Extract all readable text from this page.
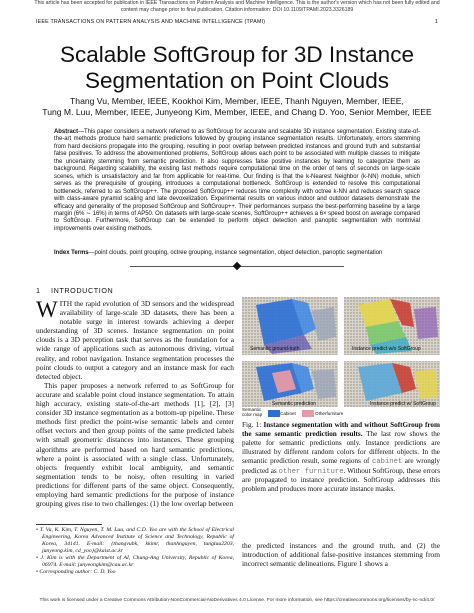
This article has been accepted for publication in IEEE Transactions on Pattern Analysis and Machine Intelligence. This is the author's version which has not been fully edited and
content may change prior to final publication. Citation information: DOI 10.1109/TPAMI.2023.3326189
IEEE TRANSACTIONS ON PATTERN ANALYSIS AND MACHINE INTELLIGENCE (TPAMI)	1
Scalable SoftGroup for 3D Instance
Segmentation on Point Clouds
Thang Vu, Member, IEEE, Kookhoi Kim, Member, IEEE, Thanh Nguyen, Member, IEEE,
Tung M. Luu, Member, IEEE, Junyeong Kim, Member, IEEE, and Chang D. Yoo, Senior Member, IEEE
Abstract—This paper considers a network referred to as SoftGroup for accurate and scalable 3D instance segmentation. Existing state-of-the-art methods produce hard semantic predictions followed by grouping instance segmentation results. Unfortunately, errors stemming from hard decisions propagate into the grouping, resulting in poor overlap between predicted instances and ground truth and substantial false positives. To address the abovementioned problems, SoftGroup allows each point to be associated with multiple classes to mitigate the uncertainty stemming from semantic prediction. It also suppresses false positive instances by learning to categorize them as background. Regarding scalability, the existing fast methods require computational time on the order of tens of seconds on large-scale scenes, which is unsatisfactory and far from applicable for real-time. Our finding is that the k-Nearest Neighbor (k-NN) module, which serves as the prerequisite of grouping, introduces a computational bottleneck. SoftGroup is extended to resolve this computational bottleneck, referred to as SoftGroup++. The proposed SoftGroup++ reduces time complexity with octree k-NN and reduces search space with class-aware pyramid scaling and late devoxelization. Experimental results on various indoor and outdoor datasets demonstrate the efficacy and generality of the proposed SoftGroup and SoftGroup++. Their performances surpass the best-performing baseline by a large margin (6% ∼ 16%) in terms of AP50. On datasets with large-scale scenes, SoftGroup++ achieves a 6× speed boost on average compared to SoftGroup. Furthermore, SoftGroup can be extended to perform object detection and panoptic segmentation with nontrivial improvements over existing methods.
Index Terms—point clouds, point grouping, octree grouping, instance segmentation, object detection, panoptic segmentation
1 INTRODUCTION
WITH the rapid evolution of 3D sensors and the widespread availability of large-scale 3D datasets, there has been a notable surge in interest towards achieving a deeper understanding of 3D scenes. Instance segmentation on point clouds is a 3D perception task that serves as the foundation for a wide range of applications such as autonomous driving, virtual reality, and robot navigation. Instance segmentation processes the point clouds to output a category and an instance mask for each detected object.
This paper proposes a network referred to as SoftGroup for accurate and scalable point cloud instance segmentation. To attain high accuracy, existing state-of-the-art methods [1], [2], [3] consider 3D instance segmentation as a bottom-up pipeline. These methods first predict the point-wise semantic labels and center offset vectors and then group points of the same predicted labels with small geometric distances into instances. These grouping algorithms are performed based on hard semantic predictions, where a point is associated with a single class. Unfortunately, objects frequently exhibit local ambiguity, and semantic segmentation tends to be noisy, often resulting in varied predictions for different parts of the same object. Consequently, employing hard semantic predictions for the purpose of instance grouping gives rise to two challenges: (1) the low overlap between

• T. Vu, K. Kim, T. Nguyen, T. M. Luu, and C.D. Yoo are with the School of Electrical Engineering, Korea Advanced Institute of Science and Technology, Republic of Korea, 34141. E-mail: {thangvubk, kkimr, thanhnguyen, tungluu2203, junyeong.kim, cd_yoo}@kaist.ac.kr

• J. Kim is with the Department of AI, Chung-Ang University, Republic of Korea, 06974. E-mail: junyeongkim@cau.ac.kr

• Corresponding author: C. D. Yoo

Semantic ground-truth	Instance predict w/o SoftGroup
Semantic prediction	Instance predict w/ SoftGroup
Semantic color map	Cabinet	Otherfurniture
Fig. 1: Instance segmentation with and without SoftGroup from the same semantic prediction results. The last row shows the palette for semantic predictions only. Instance predictions are illustrated by different random colors for different objects. In the semantic prediction result, some regions of cabinet are wrongly predicted as other furniture. Without SoftGroup, these errors are propagated to instance prediction. SoftGroup addresses this problem and produces more accurate instance masks.
the predicted instances and the ground truth, and (2) the introduction of additional false-positive instances stemming from incorrect semantic delineations. Figure 1 shows a
This work is licensed under a Creative Commons Attribution-NonCommercial-NoDerivatives 4.0 License. For more information, see https://creativecommons.org/licenses/by-nc-nd/4.0/
